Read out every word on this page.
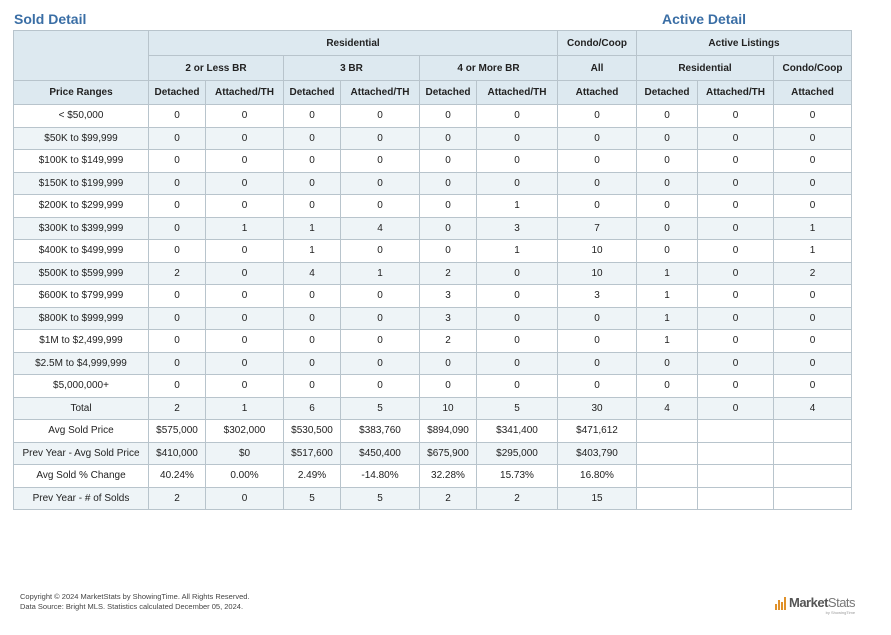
Sold Detail	Active Detail
	Residential						Condo/Coop	Active Listings		
	2 or Less BR		3 BR		4 or More BR		All	Residential		Condo/Coop
Price Ranges	Detached	Attached/TH	Detached	Attached/TH	Detached	Attached/TH	Attached	Detached	Attached/TH	Attached
< $50,000	0	0	0	0	0	0	0	0	0	0
$50K to $99,999	0	0	0	0	0	0	0	0	0	0
$100K to $149,999	0	0	0	0	0	0	0	0	0	0
$150K to $199,999	0	0	0	0	0	0	0	0	0	0
$200K to $299,999	0	0	0	0	0	1	0	0	0	0
$300K to $399,999	0	1	1	4	0	3	7	0	0	1
$400K to $499,999	0	0	1	0	0	1	10	0	0	1
$500K to $599,999	2	0	4	1	2	0	10	1	0	2
$600K to $799,999	0	0	0	0	3	0	3	1	0	0
$800K to $999,999	0	0	0	0	3	0	0	1	0	0
$1M to $2,499,999	0	0	0	0	2	0	0	1	0	0
$2.5M to $4,999,999	0	0	0	0	0	0	0	0	0	0
$5,000,000+	0	0	0	0	0	0	0	0	0	0
Total	2	1	6	5	10	5	30	4	0	4
Avg Sold Price	$575,000	$302,000	$530,500	$383,760	$894,090	$341,400	$471,612			
Prev Year - Avg Sold Price	$410,000	$0	$517,600	$450,400	$675,900	$295,000	$403,790			
Avg Sold % Change	40.24%	0.00%	2.49%	-14.80%	32.28%	15.73%	16.80%			
Prev Year - # of Solds	2	0	5	5	2	2	15			
Copyright © 2024 MarketStats by ShowingTime. All Rights Reserved.
Data Source: Bright MLS. Statistics calculated December 05, 2024.	MarketStats
by ShowingTime
